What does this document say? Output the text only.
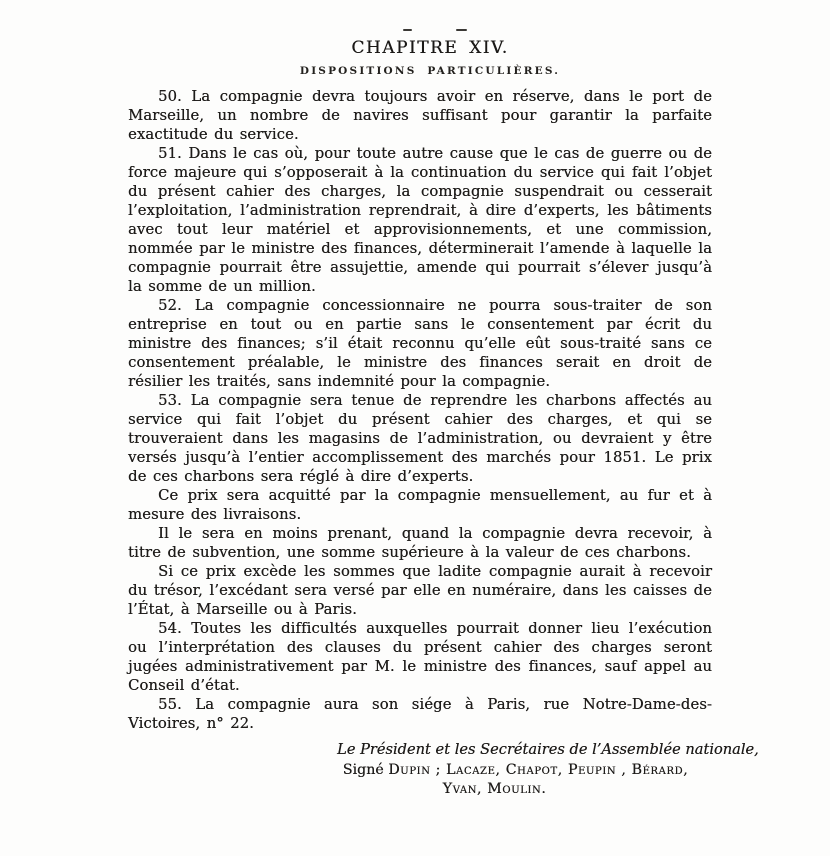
CHAPITRE XIV.
DISPOSITIONS PARTICULIÈRES.

50. La compagnie devra toujours avoir en réserve, dans le port de Marseille, un nombre de navires suffisant pour garantir la parfaite exactitude du service.

51. Dans le cas où, pour toute autre cause que le cas de guerre ou de force majeure qui s’opposerait à la continuation du service qui fait l’objet du présent cahier des charges, la compagnie suspendrait ou cesserait l’exploitation, l’administration reprendrait, à dire d’experts, les bâtiments avec tout leur matériel et approvisionnements, et une commission, nommée par le ministre des finances, déterminerait l’amende à laquelle la compagnie pourrait être assujettie, amende qui pourrait s’élever jusqu’à la somme de un million.

52. La compagnie concessionnaire ne pourra sous-traiter de son entreprise en tout ou en partie sans le consentement par écrit du ministre des finances; s’il était reconnu qu’elle eût sous-traité sans ce consentement préalable, le ministre des finances serait en droit de résilier les traités, sans indemnité pour la compagnie.

53. La compagnie sera tenue de reprendre les charbons affectés au service qui fait l’objet du présent cahier des charges, et qui se trouveraient dans les magasins de l’administration, ou devraient y être versés jusqu’à l’entier accomplissement des marchés pour 1851. Le prix de ces charbons sera réglé à dire d’experts.

Ce prix sera acquitté par la compagnie mensuellement, au fur et à mesure des livraisons.

Il le sera en moins prenant, quand la compagnie devra recevoir, à titre de subvention, une somme supérieure à la valeur de ces charbons.

Si ce prix excède les sommes que ladite compagnie aurait à recevoir du trésor, l’excédant sera versé par elle en numéraire, dans les caisses de l’État, à Marseille ou à Paris.

54. Toutes les difficultés auxquelles pourrait donner lieu l’exécution ou l’interprétation des clauses du présent cahier des charges seront jugées administrativement par M. le ministre des finances, sauf appel au Conseil d’état.

55. La compagnie aura son siége à Paris, rue Notre-Dame-des-Victoires, n° 22.

Le Président et les Secrétaires de l’Assemblée nationale,
Signé Dupin ; Lacaze, Chapot, Peupin , Bérard,
Yvan, Moulin.
